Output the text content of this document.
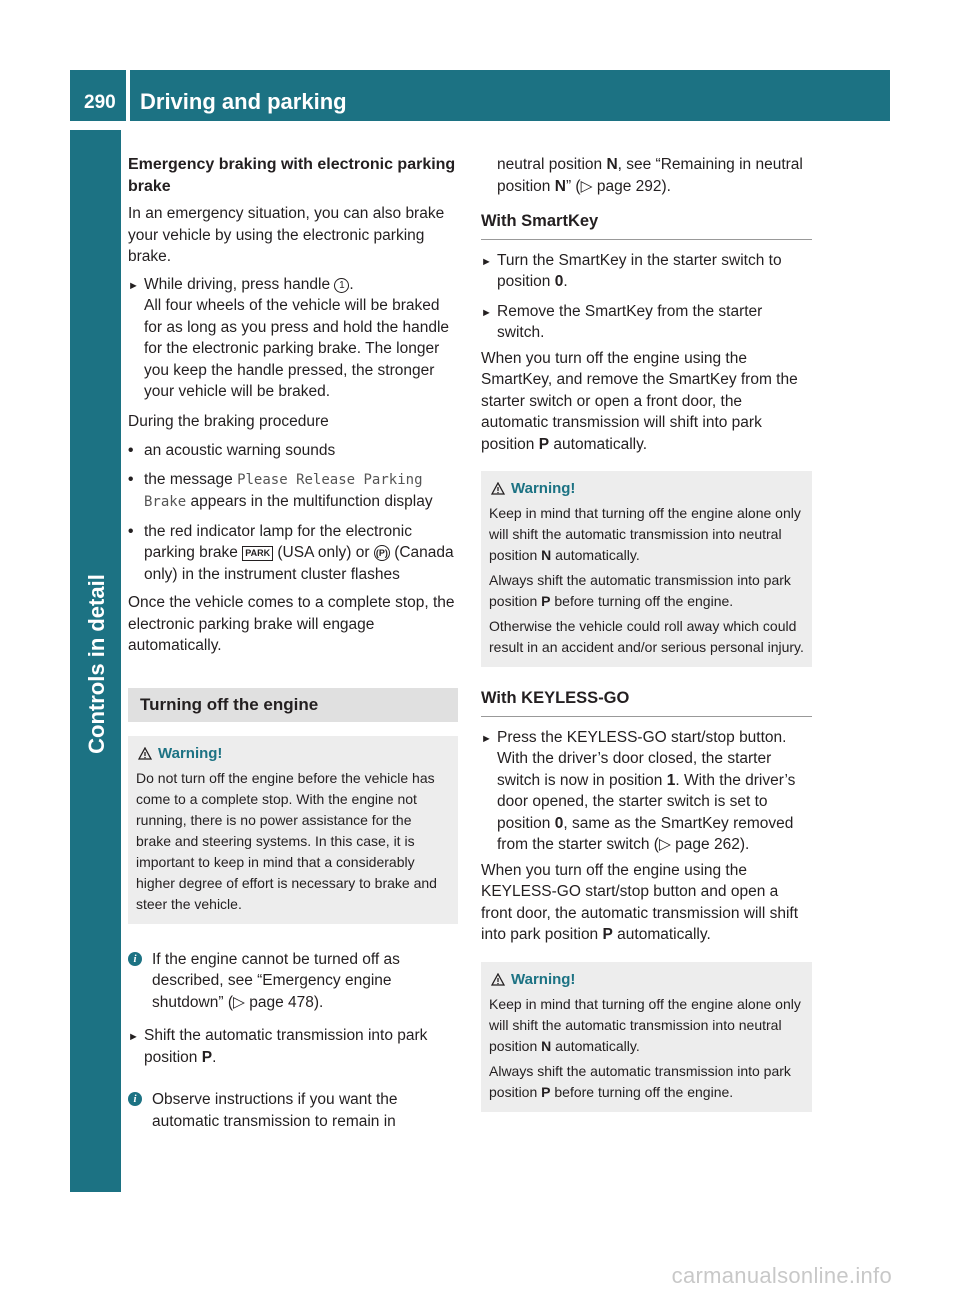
290 Driving and parking
Controls in detail

Emergency braking with electronic parking brake

In an emergency situation, you can also brake your vehicle by using the electronic parking brake.

► While driving, press handle 1 .
All four wheels of the vehicle will be braked for as long as you press and hold the handle for the electronic parking brake. The longer you keep the handle pressed, the stronger your vehicle will be braked.

During the braking procedure

• an acoustic warning sounds
• the message Please Release Parking Brake appears in the multifunction display
• the red indicator lamp for the electronic parking brake PARK (USA only) or (P) (Canada only) in the instrument cluster flashes

Once the vehicle comes to a complete stop, the electronic parking brake will engage automatically.

Turning off the engine
Warning!

Do not turn off the engine before the vehicle has come to a complete stop. With the engine not running, there is no power assistance for the brake and steering systems. In this case, it is important to keep in mind that a considerably higher degree of effort is necessary to brake and steer the vehicle.

i If the engine cannot be turned off as described, see “Emergency engine shutdown” (▷ page 478).
► Shift the automatic transmission into park position P.
i Observe instructions if you want the automatic transmission to remain in

neutral position N, see “Remaining in neutral position N” (▷ page 292).

With SmartKey
► Turn the SmartKey in the starter switch to position 0.
► Remove the SmartKey from the starter switch.

When you turn off the engine using the SmartKey, and remove the SmartKey from the starter switch or open a front door, the automatic transmission will shift into park position P automatically.

Warning!

Keep in mind that turning off the engine alone only will shift the automatic transmission into neutral position N automatically.

Always shift the automatic transmission into park position P before turning off the engine.

Otherwise the vehicle could roll away which could result in an accident and/or serious personal injury.

With KEYLESS-GO
► Press the KEYLESS-GO start/stop button. With the driver’s door closed, the starter switch is now in position 1. With the driver’s door opened, the starter switch is set to position 0, same as the SmartKey removed from the starter switch (▷ page 262).

When you turn off the engine using the KEYLESS-GO start/stop button and open a front door, the automatic transmission will shift into park position P automatically.

Warning!

Keep in mind that turning off the engine alone only will shift the automatic transmission into neutral position N automatically.

Always shift the automatic transmission into park position P before turning off the engine.

carmanualsonline.info
